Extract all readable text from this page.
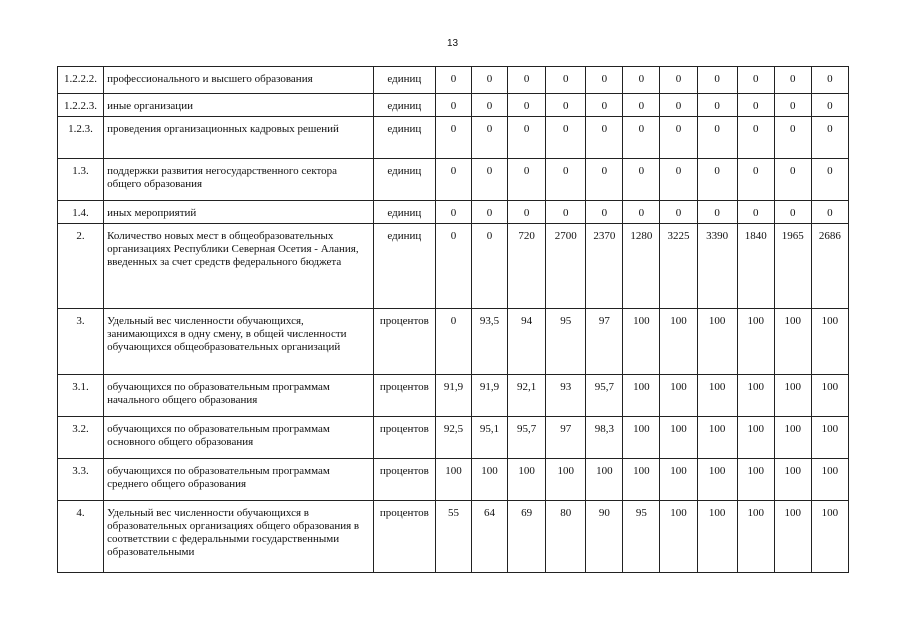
13
1.2.2.2.	профессионального и высшего образования	единиц	0	0	0	0	0	0	0	0	0	0	0
1.2.2.3.	иные организации	единиц	0	0	0	0	0	0	0	0	0	0	0
1.2.3.	проведения организационных кадровых решений	единиц	0	0	0	0	0	0	0	0	0	0	0
1.3.	поддержки развития негосударственного сектора общего образования	единиц	0	0	0	0	0	0	0	0	0	0	0
1.4.	иных мероприятий	единиц	0	0	0	0	0	0	0	0	0	0	0
2.	Количество новых мест в общеобразовательных организациях Республики Северная Осетия - Алания, введенных за счет средств федерального бюджета	единиц	0	0	720	2700	2370	1280	3225	3390	1840	1965	2686
3.	Удельный вес численности обучающихся, занимающихся в одну смену, в общей численности обучающихся общеобразовательных организаций	процентов	0	93,5	94	95	97	100	100	100	100	100	100
3.1.	обучающихся по образовательным программам начального общего образования	процентов	91,9	91,9	92,1	93	95,7	100	100	100	100	100	100
3.2.	обучающихся по образовательным программам основного общего образования	процентов	92,5	95,1	95,7	97	98,3	100	100	100	100	100	100
3.3.	обучающихся по образовательным программам среднего общего образования	процентов	100	100	100	100	100	100	100	100	100	100	100
4.	Удельный вес численности обучающихся в образовательных организациях общего образования в соответствии с федеральными государственными образовательными	процентов	55	64	69	80	90	95	100	100	100	100	100
